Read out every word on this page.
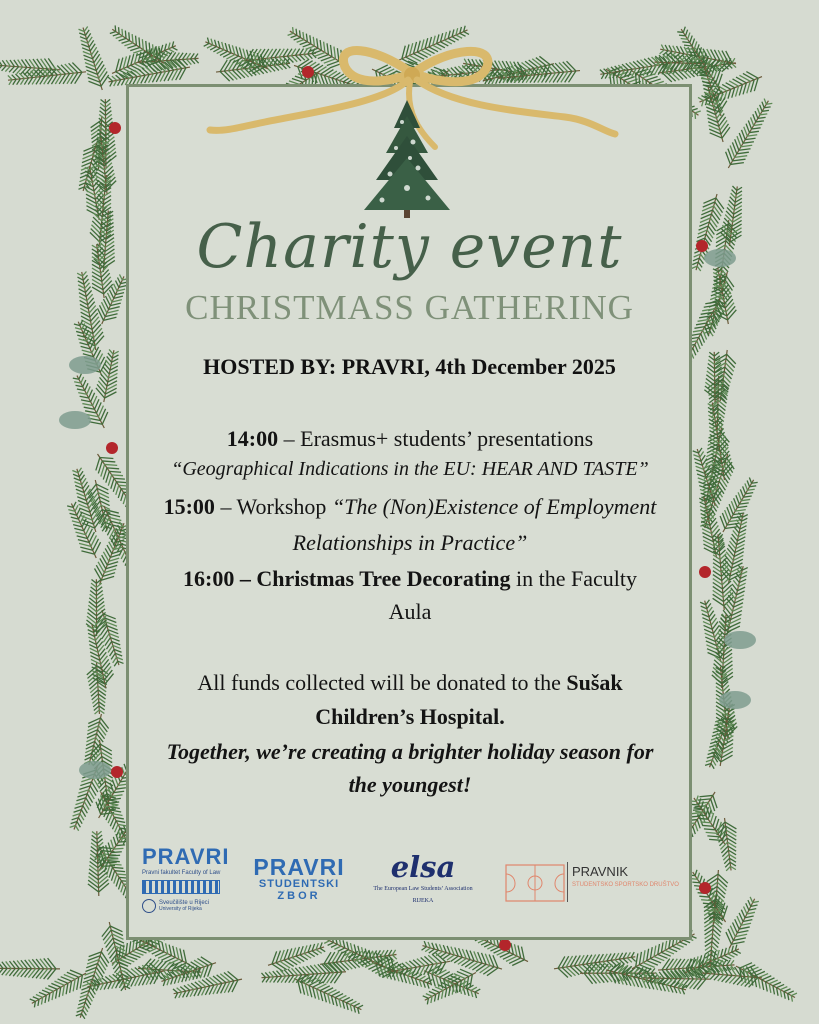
Charity event
CHRISTMASS GATHERING
HOSTED BY: PRAVRI, 4th December 2025
14:00 – Erasmus+ students’ presentations
“Geographical Indications in the EU: HEAR AND TASTE”
15:00 – Workshop “The (Non)Existence of Employment
Relationships in Practice”
16:00 – Christmas Tree Decorating in the Faculty
Aula
All funds collected will be donated to the Sušak
Children’s Hospital.
Together, we’re creating a brighter holiday season for
the youngest!
PRAVRI
Pravni fakultet Faculty of Law
Sveučilište u Rijeci
University of Rijeka
PRAVRI
STUDENTSKI
ZBOR
elsa
The European Law Students’ Association
RIJEKA
PRAVNIK
STUDENTSKO SPORTSKO DRUŠTVO
